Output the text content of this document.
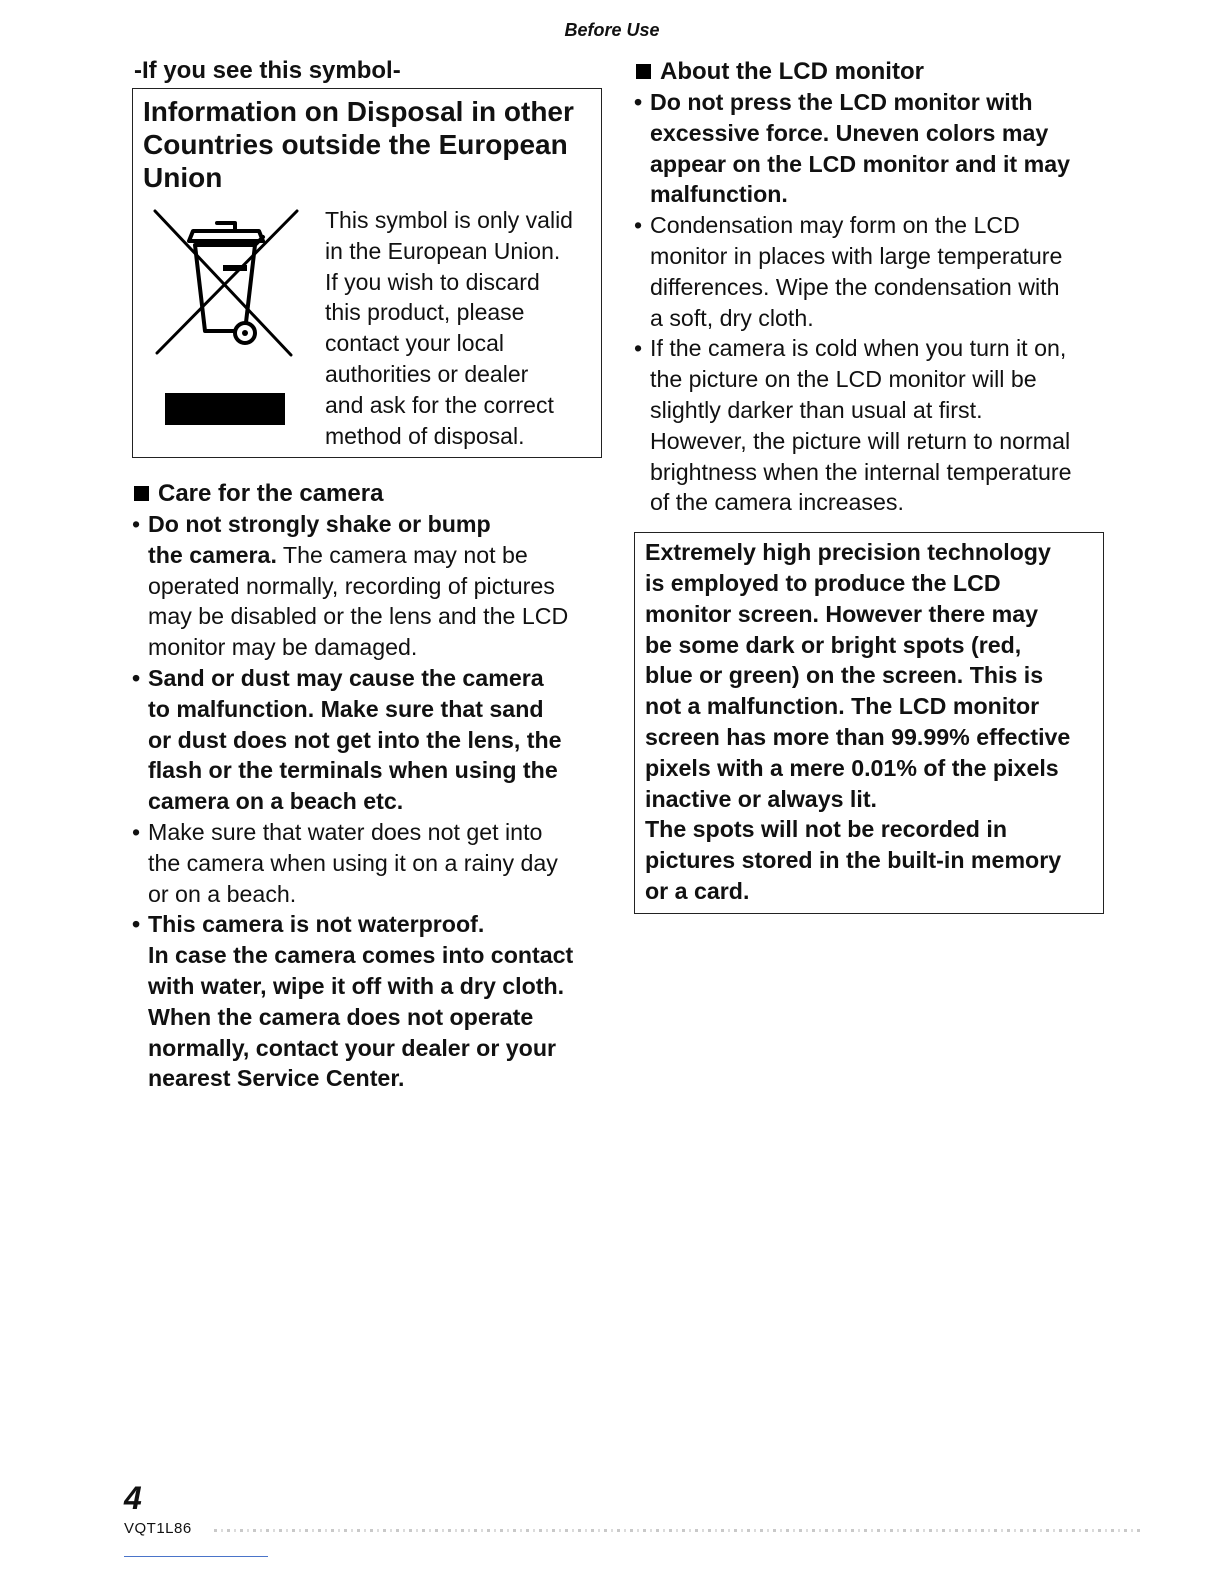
Before Use
-If you see this symbol-

Information on Disposal in other
Countries outside the European
Union

This symbol is only valid
in the European Union.
If you wish to discard
this product, please
contact your local
authorities or dealer
and ask for the correct
method of disposal.

Care for the camera

• Do not strongly shake or bump
the camera. The camera may not be
operated normally, recording of pictures
may be disabled or the lens and the LCD
monitor may be damaged.
• Sand or dust may cause the camera
to malfunction. Make sure that sand
or dust does not get into the lens, the
flash or the terminals when using the
camera on a beach etc.
• Make sure that water does not get into
the camera when using it on a rainy day
or on a beach.
• This camera is not waterproof.
In case the camera comes into contact
with water, wipe it off with a dry cloth.
When the camera does not operate
normally, contact your dealer or your
nearest Service Center.

About the LCD monitor

• Do not press the LCD monitor with
excessive force. Uneven colors may
appear on the LCD monitor and it may
malfunction.
• Condensation may form on the LCD
monitor in places with large temperature
differences. Wipe the condensation with
a soft, dry cloth.
• If the camera is cold when you turn it on,
the picture on the LCD monitor will be
slightly darker than usual at first.
However, the picture will return to normal
brightness when the internal temperature
of the camera increases.

Extremely high precision technology

is employed to produce the LCD

monitor screen. However there may

be some dark or bright spots (red,

blue or green) on the screen. This is

not a malfunction. The LCD monitor

screen has more than 99.99% effective

pixels with a mere 0.01% of the pixels

inactive or always lit.

The spots will not be recorded in

pictures stored in the built-in memory

or a card.

4
VQT1L86
